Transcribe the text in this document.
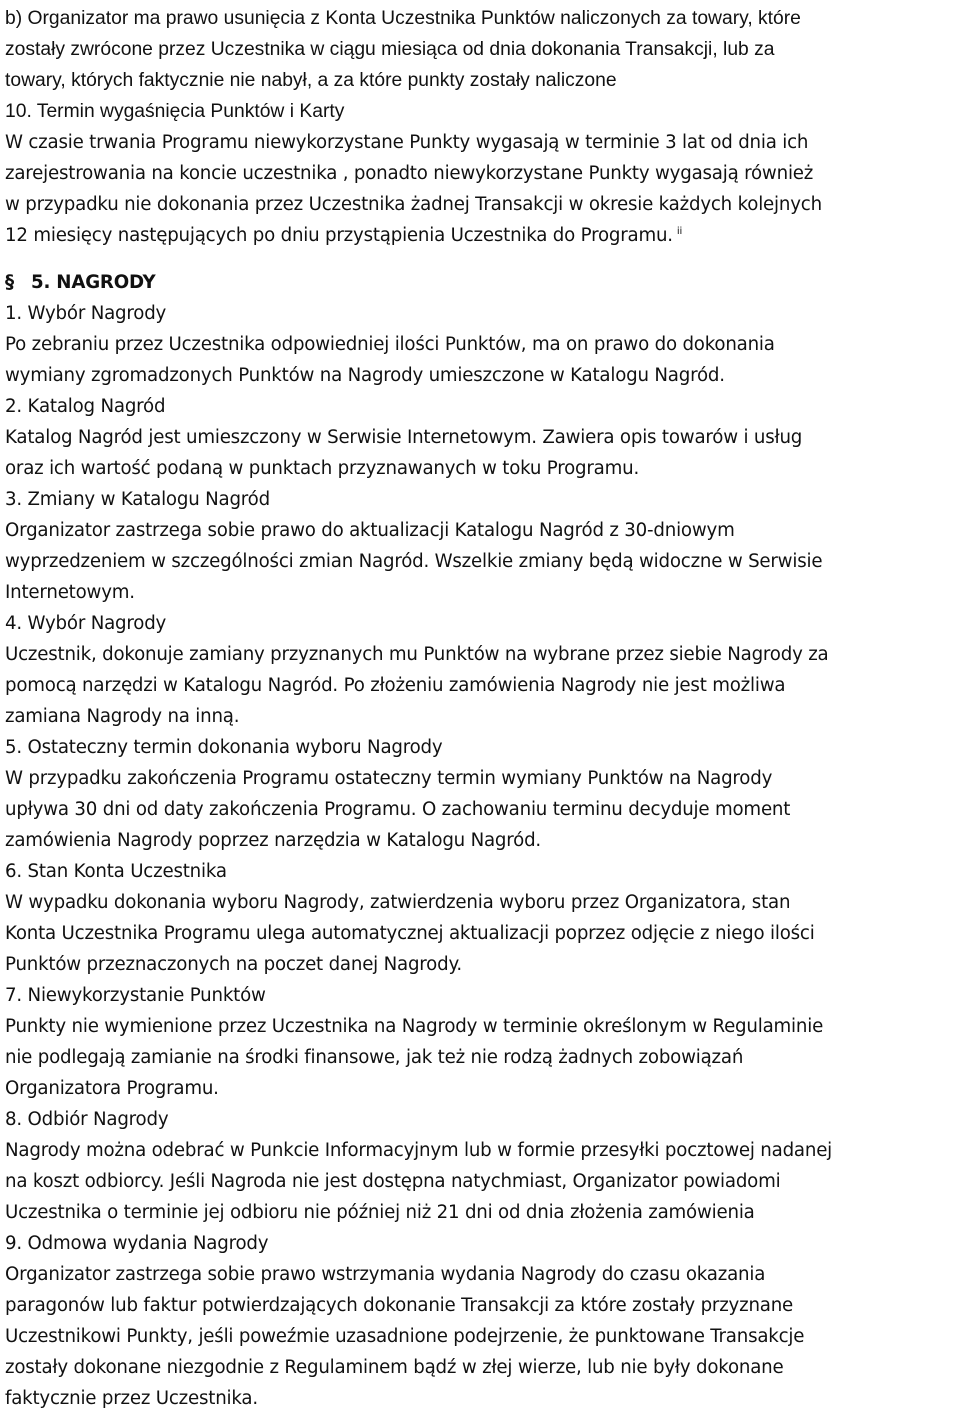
b) Organizator ma prawo usunięcia z Konta Uczestnika Punktów naliczonych za towary, które
zostały zwrócone przez Uczestnika w ciągu miesiąca od dnia dokonania Transakcji, lub za
towary, których faktycznie nie nabył, a za które punkty zostały naliczone
10. Termin wygaśnięcia Punktów i Karty
W czasie trwania Programu niewykorzystane Punkty wygasają w terminie 3 lat od dnia ich
zarejestrowania na koncie uczestnika , ponadto niewykorzystane Punkty wygasają również
w przypadku nie dokonania przez Uczestnika żadnej Transakcji w okresie każdych kolejnych
12 miesięcy następujących po dniu przystąpienia Uczestnika do Programu. $^{ii}$
§ 5. NAGRODY
1. Wybór Nagrody
Po zebraniu przez Uczestnika odpowiedniej ilości Punktów, ma on prawo do dokonania
wymiany zgromadzonych Punktów na Nagrody umieszczone w Katalogu Nagród.
2. Katalog Nagród
Katalog Nagród jest umieszczony w Serwisie Internetowym. Zawiera opis towarów i usług
oraz ich wartość podaną w punktach przyznawanych w toku Programu.
3. Zmiany w Katalogu Nagród
Organizator zastrzega sobie prawo do aktualizacji Katalogu Nagród z 30-dniowym
wyprzedzeniem w szczególności zmian Nagród. Wszelkie zmiany będą widoczne w Serwisie
Internetowym.
4. Wybór Nagrody
Uczestnik, dokonuje zamiany przyznanych mu Punktów na wybrane przez siebie Nagrody za
pomocą narzędzi w Katalogu Nagród. Po złożeniu zamówienia Nagrody nie jest możliwa
zamiana Nagrody na inną.
5. Ostateczny termin dokonania wyboru Nagrody
W przypadku zakończenia Programu ostateczny termin wymiany Punktów na Nagrody
upływa 30 dni od daty zakończenia Programu. O zachowaniu terminu decyduje moment
zamówienia Nagrody poprzez narzędzia w Katalogu Nagród.
6. Stan Konta Uczestnika
W wypadku dokonania wyboru Nagrody, zatwierdzenia wyboru przez Organizatora, stan
Konta Uczestnika Programu ulega automatycznej aktualizacji poprzez odjęcie z niego ilości
Punktów przeznaczonych na poczet danej Nagrody.
7. Niewykorzystanie Punktów
Punkty nie wymienione przez Uczestnika na Nagrody w terminie określonym w Regulaminie
nie podlegają zamianie na środki finansowe, jak też nie rodzą żadnych zobowiązań
Organizatora Programu.
8. Odbiór Nagrody
Nagrody można odebrać w Punkcie Informacyjnym lub w formie przesyłki pocztowej nadanej
na koszt odbiorcy. Jeśli Nagroda nie jest dostępna natychmiast, Organizator powiadomi
Uczestnika o terminie jej odbioru nie później niż 21 dni od dnia złożenia zamówienia
9. Odmowa wydania Nagrody
Organizator zastrzega sobie prawo wstrzymania wydania Nagrody do czasu okazania
paragonów lub faktur potwierdzających dokonanie Transakcji za które zostały przyznane
Uczestnikowi Punkty, jeśli poweźmie uzasadnione podejrzenie, że punktowane Transakcje
zostały dokonane niezgodnie z Regulaminem bądź w złej wierze, lub nie były dokonane
faktycznie przez Uczestnika.
